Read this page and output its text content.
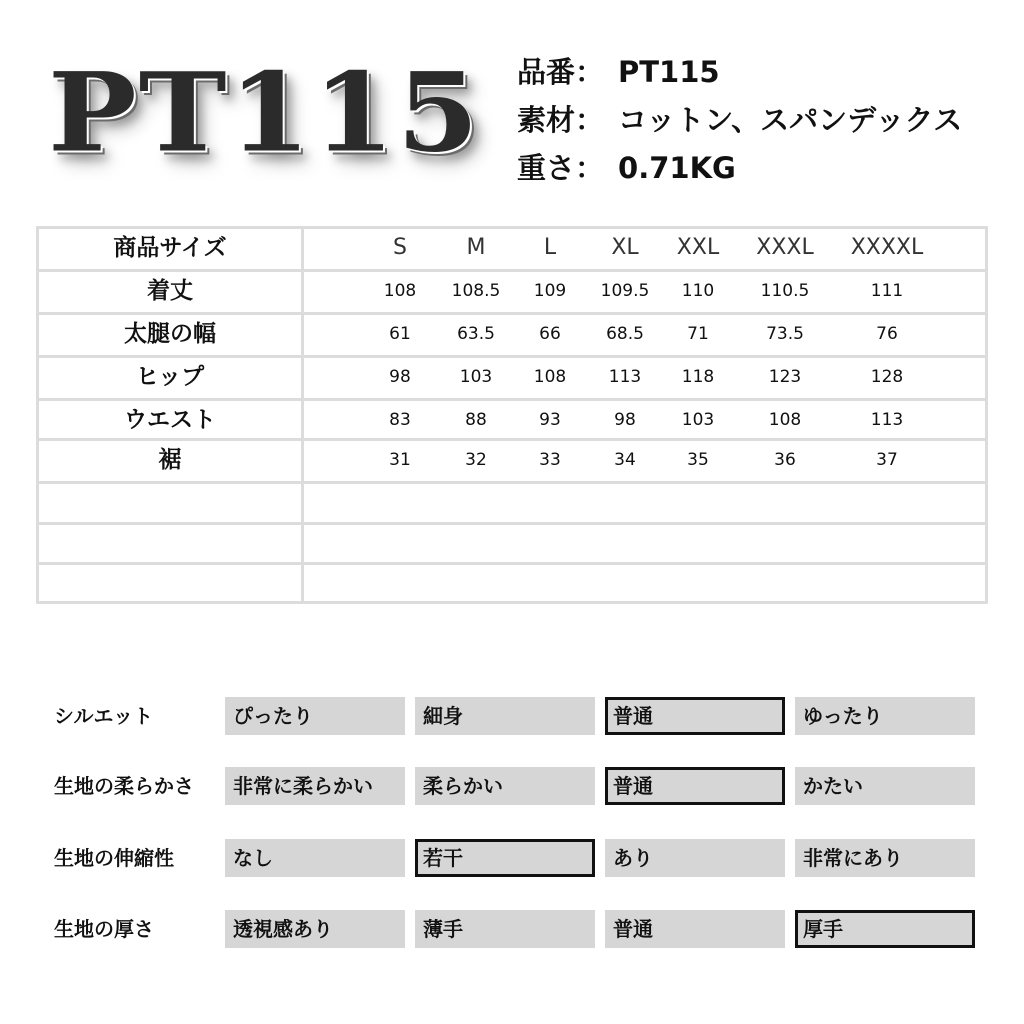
PT115 品番： PT115
素材： コットン、スパンデックス
重さ： 0.71KG
商品サイズ	S	M	L	XL	XXL	XXXL	XXXXL
着丈	108	108.5	109	109.5	110	110.5	111
太腿の幅	61	63.5	66	68.5	71	73.5	76
ヒップ	98	103	108	113	118	123	128
ウエスト	83	88	93	98	103	108	113
裾	31	32	33	34	35	36	37
シルエット	ぴったり	細身	普通	ゆったり
生地の柔らかさ	非常に柔らかい	柔らかい	普通	かたい
生地の伸縮性	なし	若干	あり	非常にあり
生地の厚さ	透視感あり	薄手	普通	厚手
